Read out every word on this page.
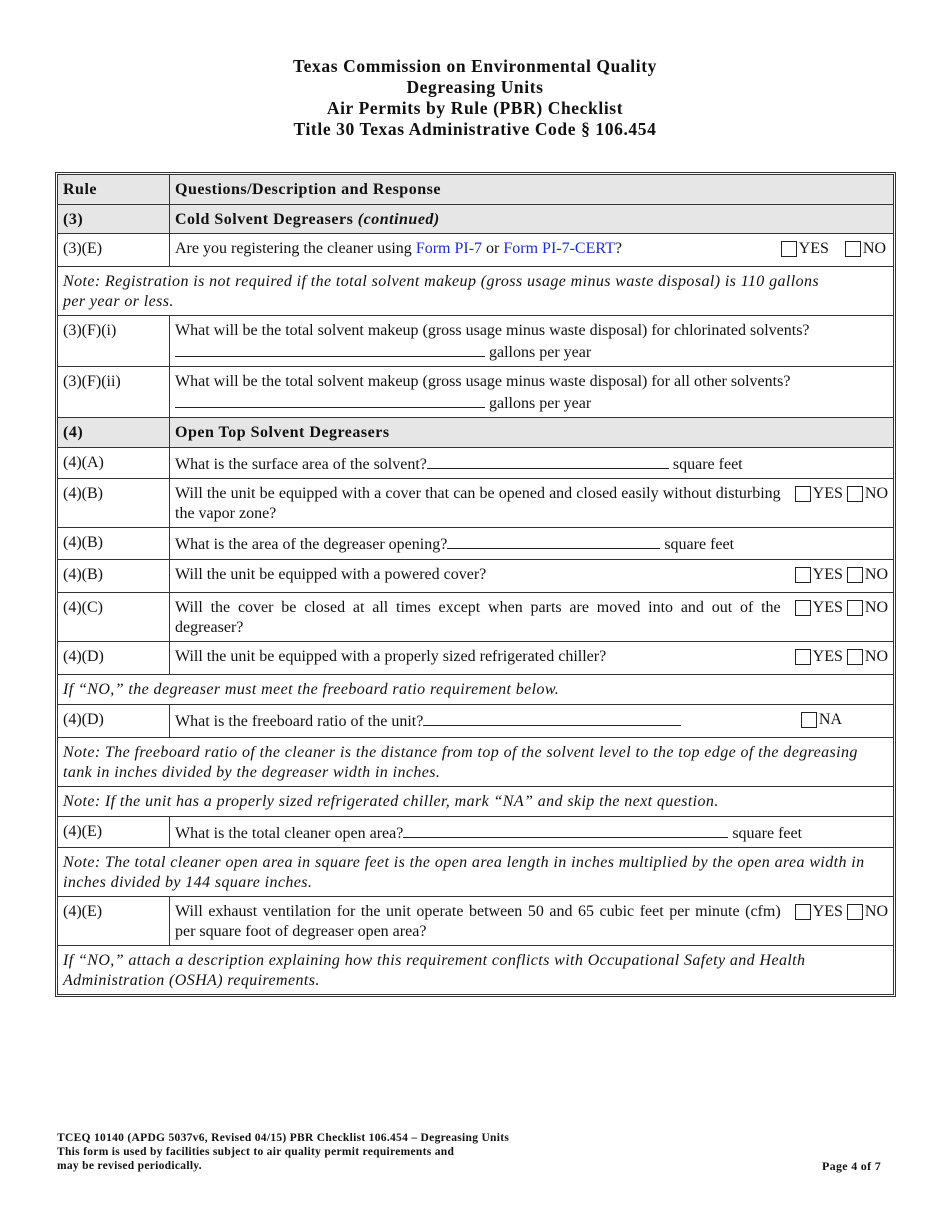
Texas Commission on Environmental Quality
Degreasing Units
Air Permits by Rule (PBR) Checklist
Title 30 Texas Administrative Code § 106.454
Rule	Questions/Description and Response
(3)	Cold Solvent Degreasers (continued)
(3)(E)	Are you registering the cleaner using Form PI-7 or Form PI-7-CERT? YES NO

Note: Registration is not required if the total solvent makeup (gross usage minus waste disposal) is 110 gallons per year or less.	
(3)(F)(i)	What will be the total solvent makeup (gross usage minus waste disposal) for chlorinated solvents? gallons per year
(3)(F)(ii)	What will be the total solvent makeup (gross usage minus waste disposal) for all other solvents? gallons per year
(4)	Open Top Solvent Degreasers
(4)(A)	What is the surface area of the solvent? square feet
(4)(B)	Will the unit be equipped with a cover that can be opened and closed easily without disturbing the vapor zone?
YES NO

(4)(B)	What is the area of the degreaser opening? square feet
(4)(B)	Will the unit be equipped with a powered cover? YES NO

(4)(C)	Will the cover be closed at all times except when parts are moved into and out of the degreaser?
YES NO

(4)(D)	Will the unit be equipped with a properly sized refrigerated chiller? YES NO

If “NO,” the degreaser must meet the freeboard ratio requirement below.	
(4)(D)	What is the freeboard ratio of the unit? NA

Note: The freeboard ratio of the cleaner is the distance from top of the solvent level to the top edge of the degreasing tank in inches divided by the degreaser width in inches.	
Note: If the unit has a properly sized refrigerated chiller, mark “NA” and skip the next question.	
(4)(E)	What is the total cleaner open area? square feet
Note: The total cleaner open area in square feet is the open area length in inches multiplied by the open area width in inches divided by 144 square inches.	
(4)(E)	Will exhaust ventilation for the unit operate between 50 and 65 cubic feet per minute (cfm) per square foot of degreaser open area?
YES NO

If “NO,” attach a description explaining how this requirement conflicts with Occupational Safety and Health Administration (OSHA) requirements.	
TCEQ 10140 (APDG 5037v6, Revised 04/15) PBR Checklist 106.454 – Degreasing Units
This form is used by facilities subject to air quality permit requirements and
may be revised periodically.	Page 4 of 7
